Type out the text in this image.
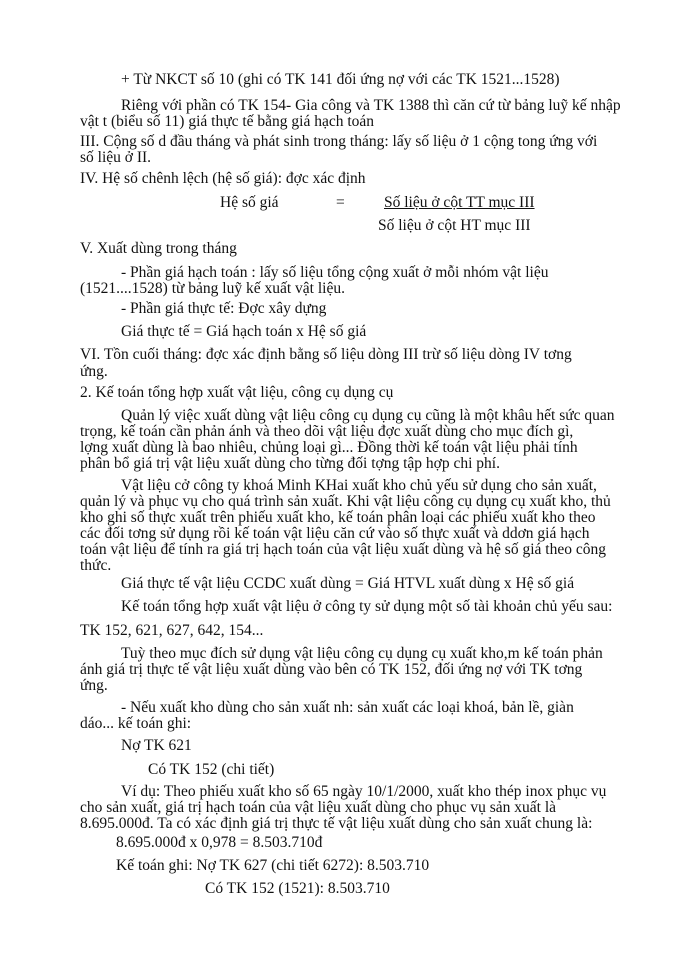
+ Từ NKCT số 10 (ghi có TK 141 đối ứng nợ với các TK 1521...1528)
Riêng với phần có TK 154- Gia công và TK 1388 thì căn cứ từ bảng luỹ kế nhập
vật t (biểu số 11) giá thực tế bằng giá hạch toán
III. Cộng số d đầu tháng và phát sinh trong tháng: lấy số liệu ở 1 cộng tong ứng với
số liệu ở II.
IV. Hệ số chênh lệch (hệ số giá): đợc xác định
Hệ số giá	=	Số liệu ở cột TT mục III
Số liệu ở cột HT mục III
V. Xuất dùng trong tháng
- Phần giá hạch toán : lấy số liệu tổng cộng xuất ở mỗi nhóm vật liệu
(1521....1528) từ bảng luỹ kế xuất vật liệu.
- Phần giá thực tế: Đợc xây dựng
Giá thực tế = Giá hạch toán x Hệ số giá
VI. Tồn cuối tháng: đợc xác định bằng số liệu dòng III trừ số liệu dòng IV tơng
ứng.
2. Kế toán tổng hợp xuất vật liệu, công cụ dụng cụ
Quản lý việc xuất dùng vật liệu công cụ dụng cụ cũng là một khâu hết sức quan
trọng, kế toán cần phản ánh và theo dõi vật liệu đợc xuất dùng cho mục đích gì,
lợng xuất dùng là bao nhiêu, chủng loại gì... Đồng thời kế toán vật liệu phải tính
phân bổ giá trị vật liệu xuất dùng cho từng đối tợng tập hợp chi phí.
Vật liệu cở công ty khoá Minh KHai xuất kho chủ yếu sử dụng cho sản xuất,
quản lý và phục vụ cho quá trình sản xuất. Khi vật liệu công cụ dụng cụ xuất kho, thủ
kho ghi số thực xuất trên phiếu xuất kho, kế toán phân loại các phiếu xuất kho theo
các đối tơng sử dụng rồi kế toán vật liệu căn cứ vào số thực xuất và ddơn giá hạch
toán vật liệu để tính ra giá trị hạch toán của vật liệu xuất dùng và hệ số giá theo công
thức.
Giá thực tế vật liệu CCDC xuất dùng = Giá HTVL xuất dùng x Hệ số giá
Kế toán tổng hợp xuất vật liệu ở công ty sử dụng một số tài khoản chủ yếu sau:
TK 152, 621, 627, 642, 154...
Tuỳ theo mục đích sử dụng vật liệu công cụ dụng cụ xuất kho,m kế toán phản
ánh giá trị thực tế vật liệu xuất dùng vào bên có TK 152, đối ứng nợ với TK tơng
ứng.
- Nếu xuất kho dùng cho sản xuất nh: sản xuất các loại khoá, bản lề, giàn
dáo... kế toán ghi:
Nợ TK 621
Có TK 152 (chi tiết)
Ví dụ: Theo phiếu xuất kho số 65 ngày 10/1/2000, xuất kho thép inox phục vụ
cho sản xuất, giá trị hạch toán của vật liệu xuất dùng cho phục vụ sản xuất là
8.695.000đ. Ta có xác định giá trị thực tế vật liệu xuất dùng cho sản xuất chung là:
8.695.000đ x 0,978 = 8.503.710đ
Kế toán ghi: Nợ TK 627 (chi tiết 6272): 8.503.710
Có TK 152 (1521): 8.503.710
